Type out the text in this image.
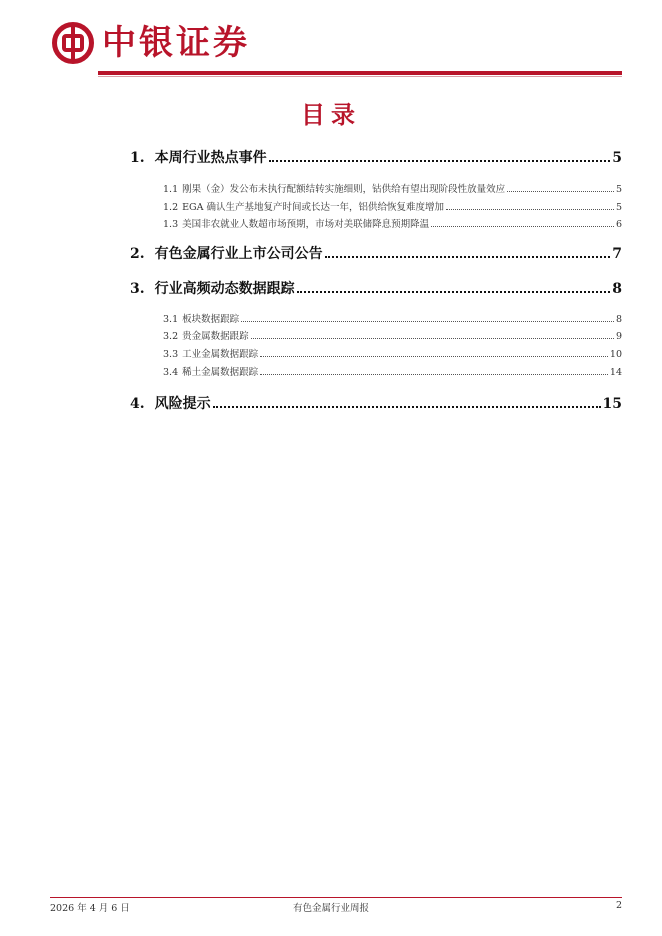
中银证券
目录
1. 本周行业热点事件	5
1.1 刚果（金）发公布未执行配额结转实施细则，钴供给有望出现阶段性放量效应	5
1.2 EGA 确认生产基地复产时间或长达一年，铝供给恢复难度增加	5
1.3 美国非农就业人数超市场预期，市场对美联储降息预期降温	6
2. 有色金属行业上市公司公告	7
3. 行业高频动态数据跟踪	8
3.1 板块数据跟踪	8
3.2 贵金属数据跟踪	9
3.3 工业金属数据跟踪	10
3.4 稀土金属数据跟踪	14
4. 风险提示	15
2026 年 4 月 6 日	有色金属行业周报	2
